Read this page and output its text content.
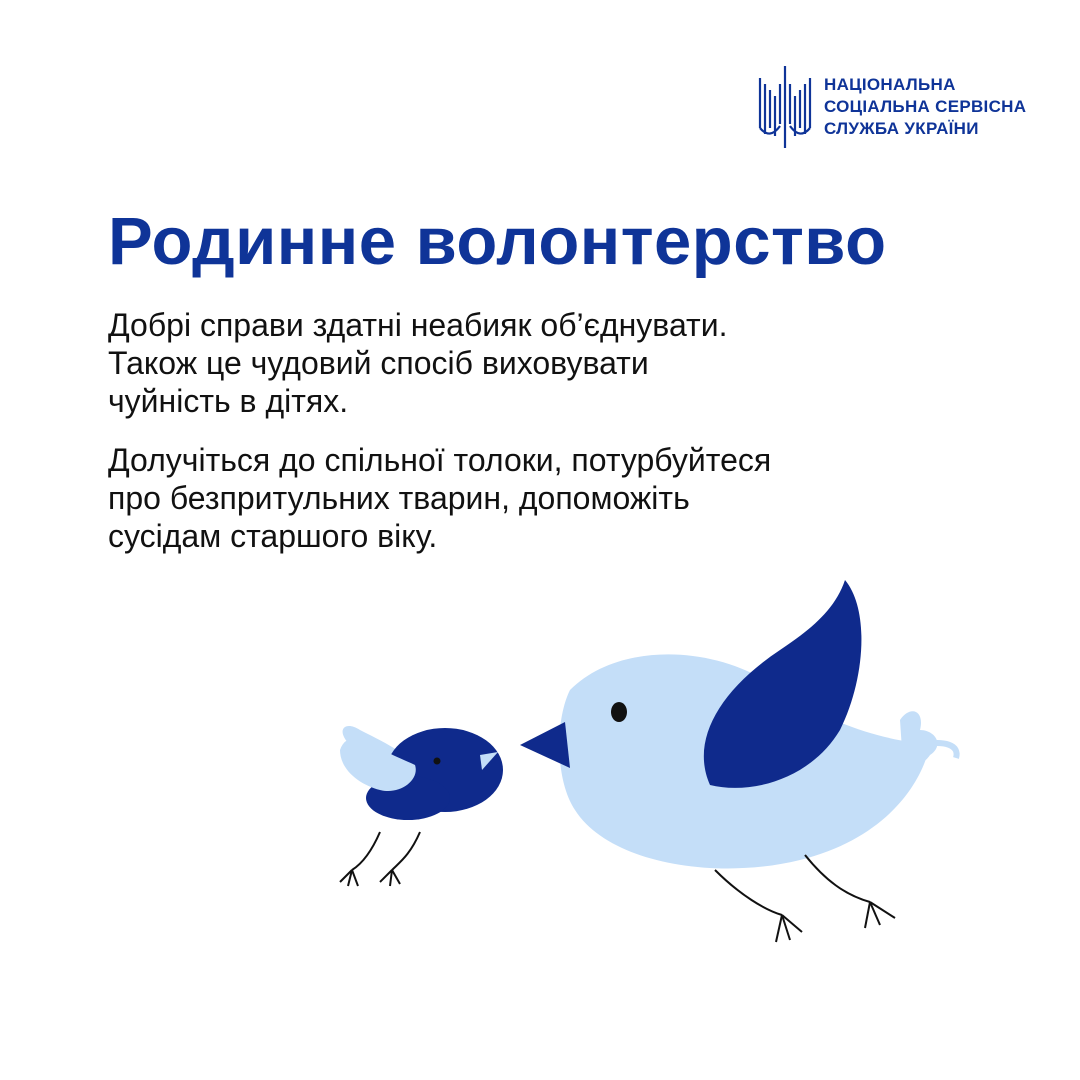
НАЦІОНАЛЬНА
СОЦІАЛЬНА СЕРВІСНА
СЛУЖБА УКРАЇНИ
Родинне волонтерство

Добрі справи здатні неабияк об’єднувати.
Також це чудовий спосіб виховувати
чуйність в дітях.

Долучіться до спільної толоки, потурбуйтеся
про безпритульних тварин, допоможіть
сусідам старшого віку.
